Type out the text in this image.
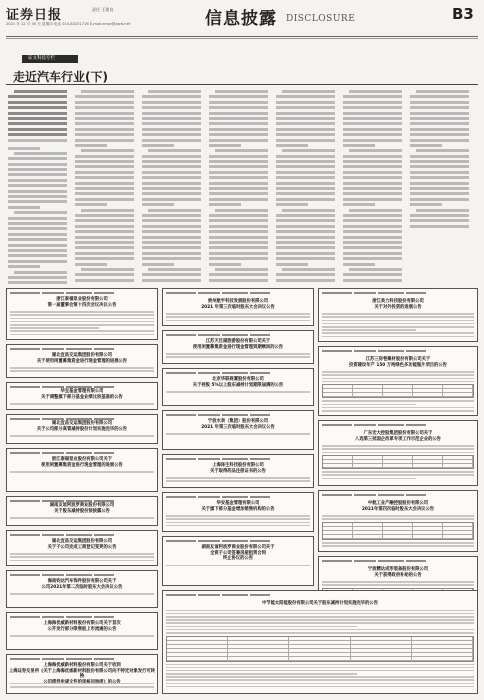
证券日报	责任 王建良
2021 年 12 月 30 日 星期四 电话 010-83251716 E-mail:zmzx@zqrb.net	信息披露 DISCLOSURE	B3
证文科技专栏
走近汽车行业(下)
浙江泰福泵业股份有限公司
第一届董事会第十四次会议决议公告
湖北宜昌交运集团股份有限公司
关于使用闲置募集资金进行现金管理的进展公告
华宝基金管理有限公司
关于调整旗下部分基金业绩比较基准的公告
湖北宜昌交运集团股份有限公司
关于公司部分高管减持股份计划实施完毕的公告
浙江泰福泵业股份有限公司关于
使用闲置募集资金进行现金管理的进展公告
湖南友谊阿波罗商业股份有限公司
关于股东减持股份预披露公告
湖北宜昌交运集团股份有限公司
关于子公司完成工商登记变更的公告
海南钧达汽车饰件股份有限公司关于
公司2021年第二次临时股东大会决议公告
贵州航宇科技发展股份有限公司
2021 年第三次临时股东大会决议公告
江苏天目湖旅游股份有限公司关于
使用闲置募集资金进行现金管理到期赎回的公告
北京华联商厦股份有限公司
关于持股 5%以上股东减持计划期限届满的公告
宁波水表（集团）股份有限公司
2021 年第三次临时股东大会决议公告
上海泽生科技股份有限公司
关于取得药品注册证书的公告
上海海优威新材料股份有限公司关于首次
公开发行部分限售股上市流通的公告
上海海优威新材料股份有限公司关于收到
上海证券交易所《关于上海海优威新材料股份有限公司向不特定对象发行可转换

浙江美力科技股份有限公司
关于对外投资的进展公告
华安基金管理有限公司
关于旗下部分基金增加销售机构的公告
湖南友谊阿波罗商业股份有限公司关于
全资子公司签署房屋租赁合同
终止协议的公告
江苏三房巷聚材股份有限公司关于
投资建设年产 150 万吨绿色多功能瓶片项目的公告
广东宏大控股集团股份有限公司关于
入选第三批国企改革专项工作示范企业的公告
中航工业产融控股股份有限公司
2021年第四次临时股东大会决议公告
宁波精达成形装备股份有限公司
关于获得政府补助的公告
中节能太阳能股份有限公司关于股东减持计划实施完毕的公告
